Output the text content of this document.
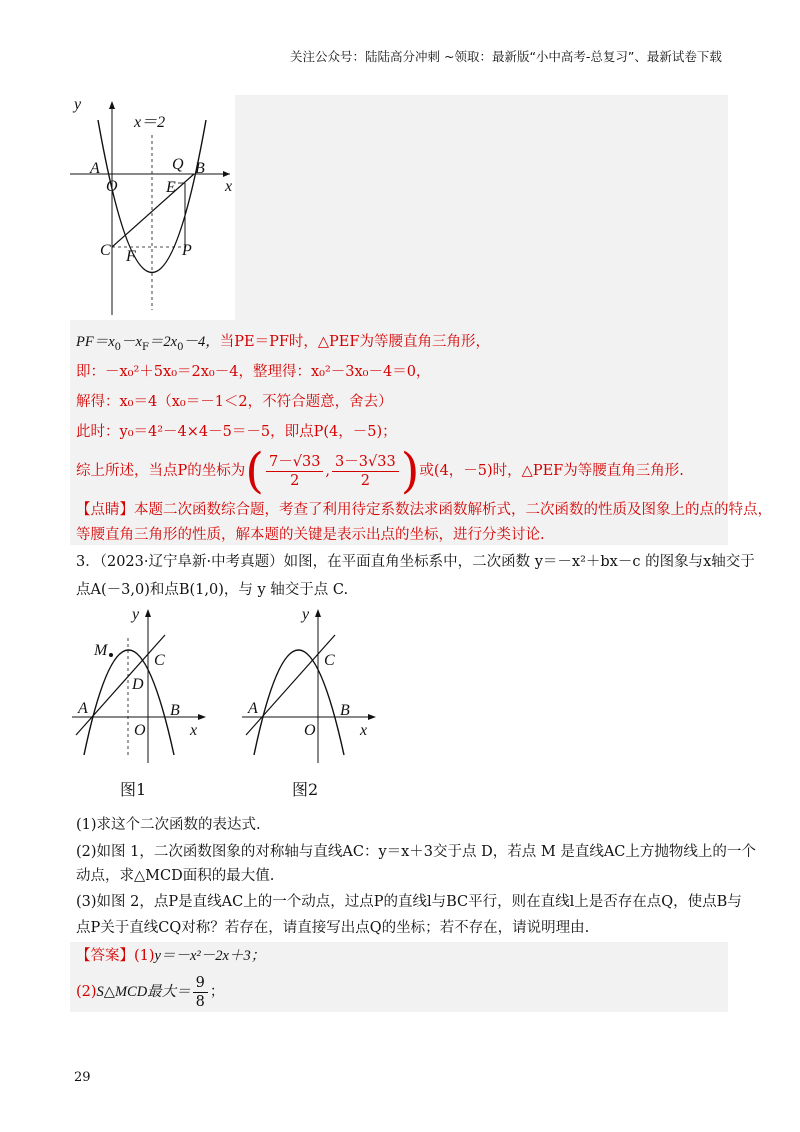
关注公众号：陆陆高分冲刺 ~领取：最新版“小中高考-总复习”、最新试卷下载
y
x＝2
A
O
Q B
E	x
C F	P
$PF=x_0-x_F=2x_0-4$，当PE＝PF时，△PEF为等腰直角三角形，
即：－x₀²＋5x₀＝2x₀－4，整理得：x₀²－3x₀－4＝0，
解得：x₀＝4（x₀＝－1＜2，不符合题意，舍去）
此时：y₀＝4²－4×4－5＝－5，即点P(4，－5)；
综上所述，当点P的坐标为( $\frac{7-√33}{2}$ , $\frac{3-3√33}{2}$ )或(4，－5)时，△PEF为等腰直角三角形.
【点睛】本题二次函数综合题，考查了利用待定系数法求函数解析式，二次函数的性质及图象上的点的特点，
等腰直角三角形的性质，解本题的关键是表示出点的坐标，进行分类讨论.
3．（2023·辽宁阜新·中考真题）如图，在平面直角坐标系中，二次函数 y＝－x²＋bx－c 的图象与x轴交于
点A(－3,0)和点B(1,0)，与 y 轴交于点 C.
M
y
C
D
A
O
B
x
图1
y
C
A
O
B
x
图2
(1)求这个二次函数的表达式.
(2)如图 1，二次函数图象的对称轴与直线AC：y＝x＋3交于点 D，若点 M 是直线AC上方抛物线上的一个
动点，求△MCD面积的最大值.
(3)如图 2，点P是直线AC上的一个动点，过点P的直线l与BC平行，则在直线l上是否存在点Q，使点B与
点P关于直线CQ对称？若存在，请直接写出点Q的坐标；若不存在，请说明理由.
【答案】(1)y＝－x²－2x＋3；
(2)S△MCD最大＝ $\frac{9}{8}$ ；
29
